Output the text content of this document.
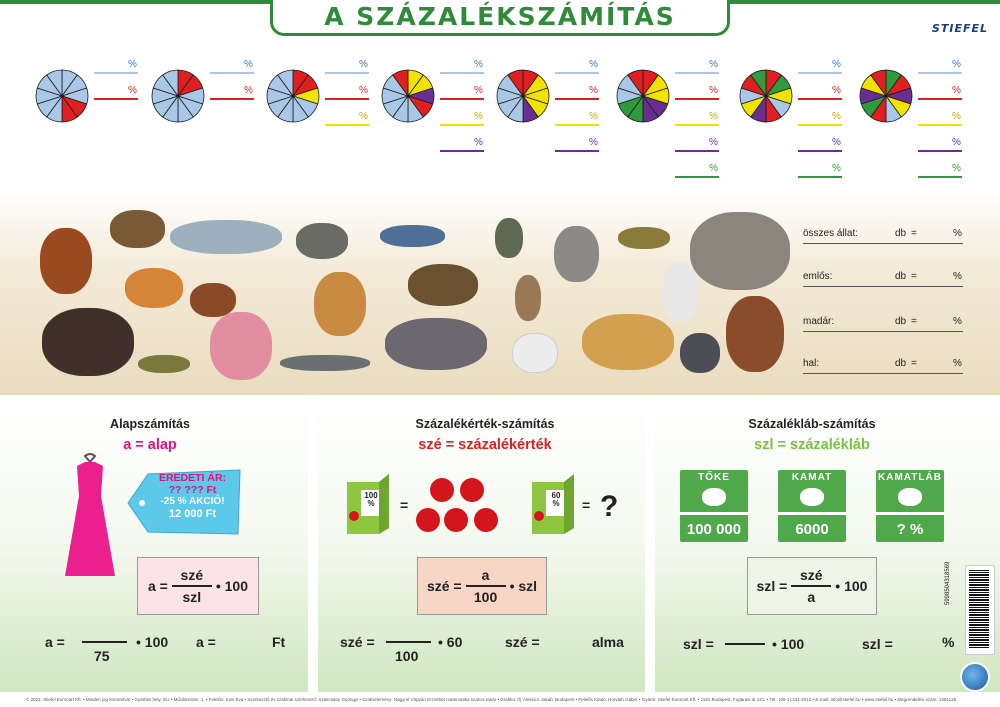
A SZÁZALÉKSZÁMÍTÁS	STIEFEL
%
%
%
%
%
%
%
%
%
%
%
%
%
%
%
%
%
%
%
%
%
%
%
%
%
%
%
%
%
%
összes állat:	db =	%
emlős:	db =	%
madár:	db =	%
hal:	db =	%
Alapszámítás
a = alap
EREDETI ÁR:
?? ??? Ft
-25 % AKCIÓ!
12 000 Ft
$a = \frac{\text{szé}}{\text{szl}}$ • 100
a =
75
• 100 a =	Ft
Százalékérték-számítás
szé = százalékérték
100 %	=
60 %	= ?
szé = $\frac{a}{100}$ • szl
szé =
100
• 60	szé =	alma
Százalékláb-számítás
szl = százalékláb
TŐKE
100 000
KAMAT
6000
KAMATLÁB
? %
szl = $\frac{\text{szé}}{a}$ • 100
szl =	• 100	szl =	%
5998504318569
© 2022. Stiefel Eurocart Kft. • Minden jog fenntartva! • Gyártási hely: EU • Műcikkszám: 1. • Felelős: Kiss Éva • Szerkesztő és szakmai szerkesztő: Szakcsány Gyöngyi • Szakvélemény: Nagyné Vágvári Erzsébet matematika szakos tanár • Grafika: Ifj. Aleksics Jakab, Budapest • Felelős Kiadó: Horváth Gábor • Gyártó: Stiefel Eurocart Kft. • 1181 Budapest, Fogarasi út 121. • Tel.: (06-1) 431-2010 • E-mail: info@stiefel.hu • www.stiefel.hu • Megrendelési szám: 1391125.
